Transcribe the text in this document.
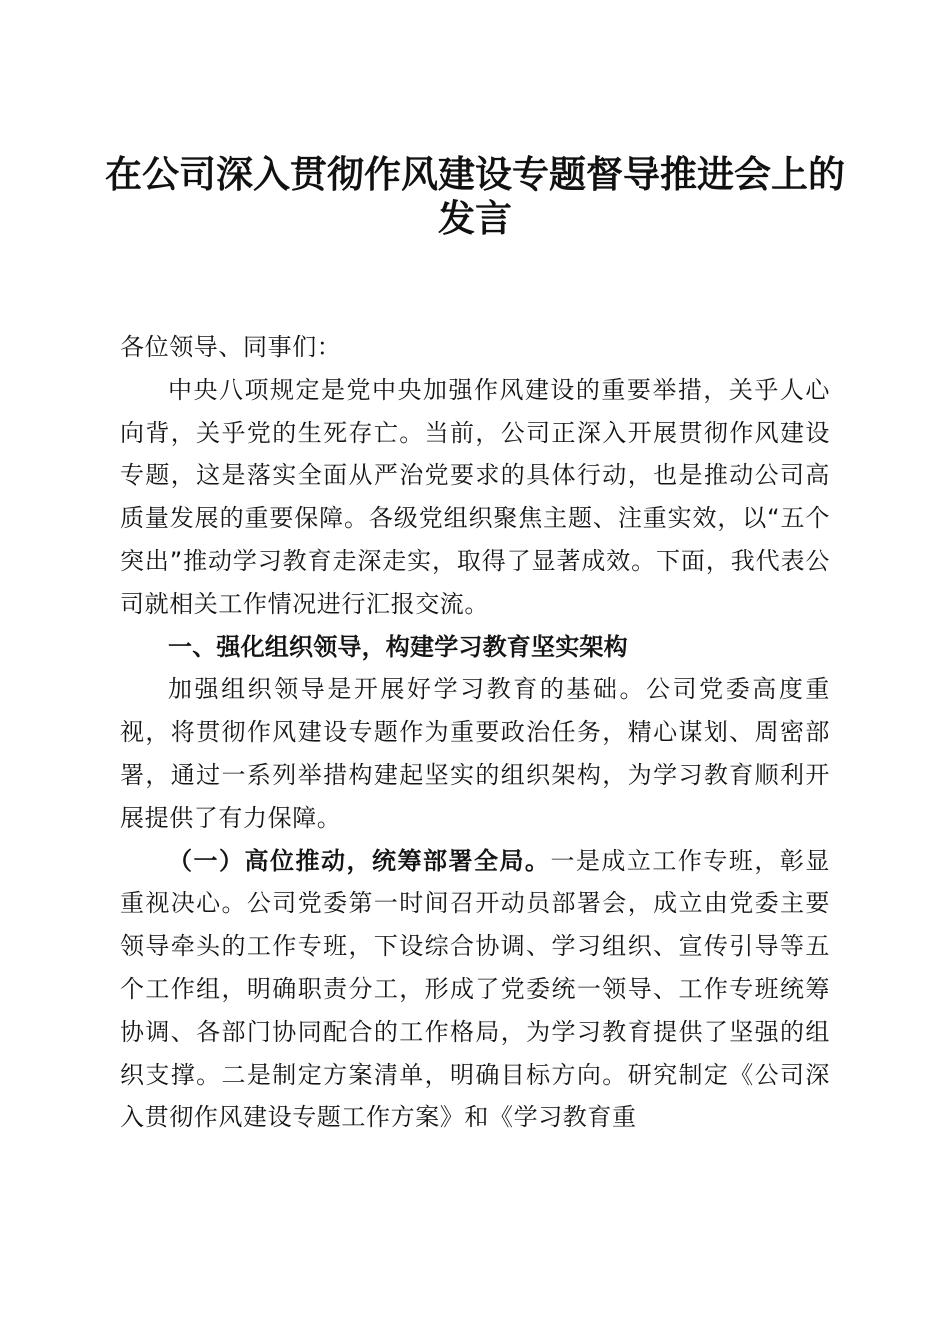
在公司深入贯彻作风建设专题督导推进会上的
发言

各位领导、同事们：

中央八项规定是党中央加强作风建设的重要举措，关乎人心向背，关乎党的生死存亡。当前，公司正深入开展贯彻作风建设专题，这是落实全面从严治党要求的具体行动，也是推动公司高质量发展的重要保障。各级党组织聚焦主题、注重实效，以“五个突出”推动学习教育走深走实，取得了显著成效。下面，我代表公司就相关工作情况进行汇报交流。

一、强化组织领导，构建学习教育坚实架构

加强组织领导是开展好学习教育的基础。公司党委高度重视，将贯彻作风建设专题作为重要政治任务，精心谋划、周密部署，通过一系列举措构建起坚实的组织架构，为学习教育顺利开展提供了有力保障。

（一）高位推动，统筹部署全局。一是成立工作专班，彰显重视决心。公司党委第一时间召开动员部署会，成立由党委主要领导牵头的工作专班，下设综合协调、学习组织、宣传引导等五个工作组，明确职责分工，形成了党委统一领导、工作专班统筹协调、各部门协同配合的工作格局，为学习教育提供了坚强的组织支撑。二是制定方案清单，明确目标方向。研究制定《公司深入贯彻作风建设专题工作方案》和《学习教育重
